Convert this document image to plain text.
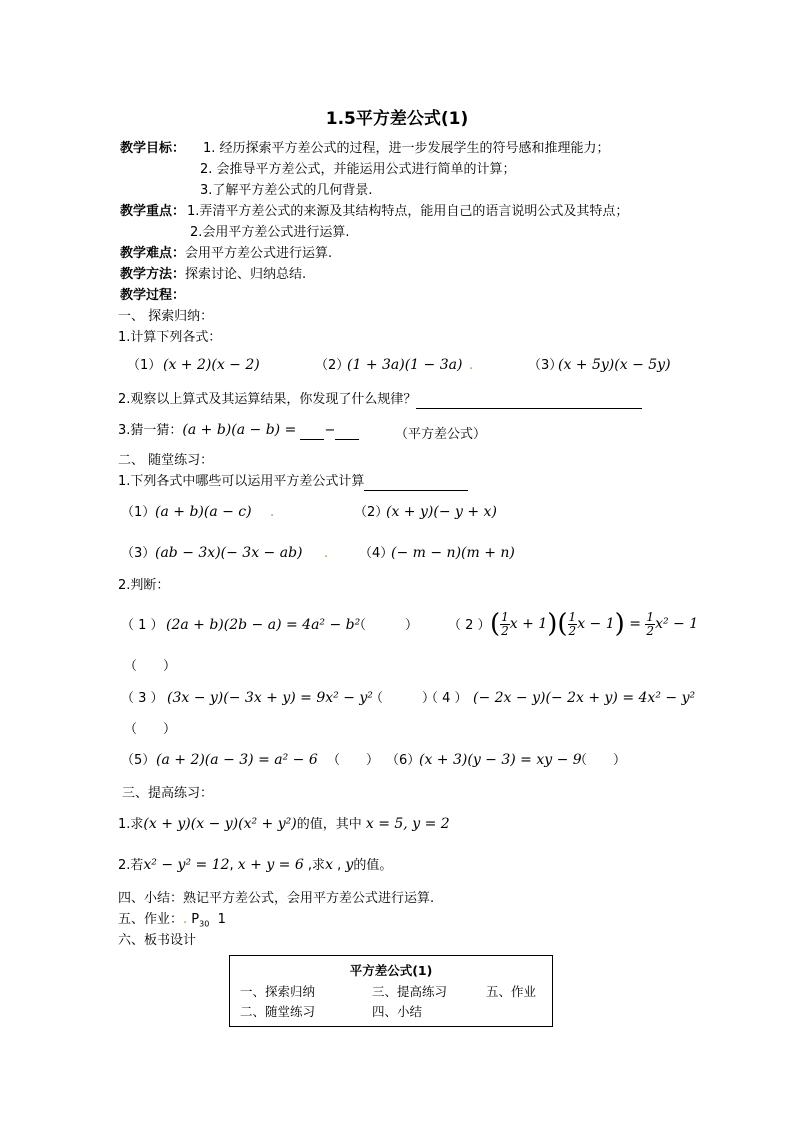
1.5平方差公式(1)
教学目标： 1. 经历探索平方差公式的过程，进一步发展学生的符号感和推理能力；
2. 会推导平方差公式，并能运用公式进行简单的计算；
3.了解平方差公式的几何背景.
教学重点： 1.弄清平方差公式的来源及其结构特点，能用自己的语言说明公式及其特点；
2.会用平方差公式进行运算.
教学难点：会用平方差公式进行运算.
教学方法：探索讨论、归纳总结.
教学过程：
一、 探索归纳：
1.计算下列各式：
（1） (x + 2)(x − 2)	（2）
(1 + 3a)(1 − 3a) .	（3）
(x + 5y)(x − 5y)
2.观察以上算式及其运算结果，你发现了什么规律？
3.猜一猜：(a + b)(a − b) = −	（平方差公式）
二、 随堂练习：
1.下列各式中哪些可以运用平方差公式计算
（1） (a + b)(a − c) .	（2）
(x + y)(− y + x)
（3） (ab − 3x)(− 3x − ab) . （4）
(− m − n)(m + n)
2.判断：
（ 1 ） (2a + b)(2b − a) = 4a² − b²
（　　　） （ 2 ） ( $\frac{1}{2}$ $x + 1)( \frac{1}{2}$ $x - 1) = \frac{1}{2} x^2 - 1$
（　　）
（ 3 ） (3x − y)(− 3x + y) = 9x² − y²
（　　　）
（ 4 ） (− 2x − y)(− 2x + y) = 4x² − y²
（　　）
（5） (a + 2)(a − 3) = a² − 6 （　　） （6）
(x + 3)(y − 3) = xy − 9
（　　）
三、提高练习：
1.求(x + y)(x − y)(x² + y²)的值，其中 x = 5, y = 2
2.若x² − y² = 12, x + y = 6 ,求x , y的值。
四、小结：熟记平方差公式，会用平方差公式进行运算.
五、作业：. $P_{30}$ 1
六、板书设计
平方差公式(1)
一、探索归纳	三、提高练习	五、作业
二、随堂练习	四、小结
